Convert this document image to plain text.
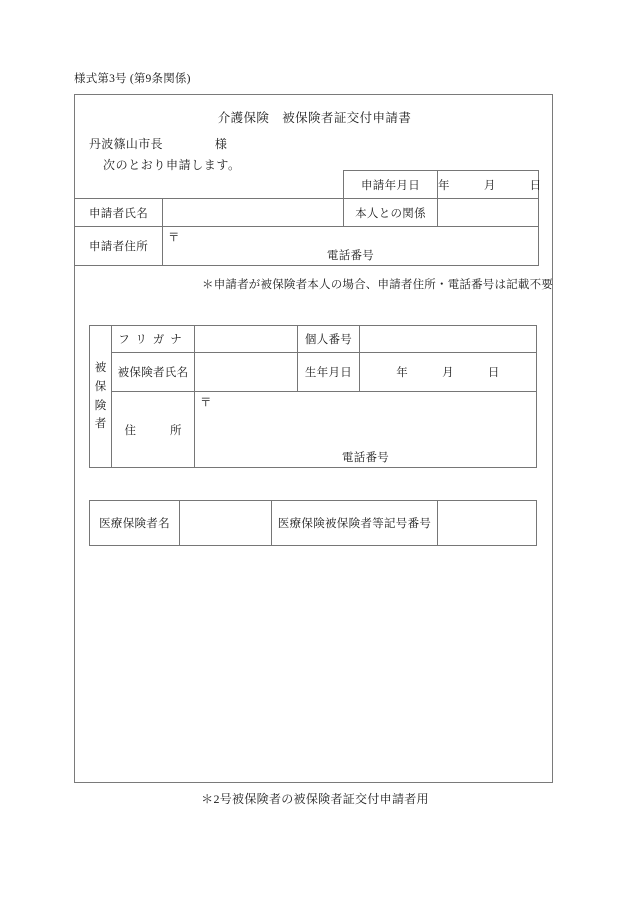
様式第3号 (第9条関係)
介護保険　被保険者証交付申請書
丹波篠山市長	様
次のとおり申請します。
		申請年月日	年 月 日
申請者氏名		本人との関係	
申請者住所	〒
電話番号		
＊申請者が被保険者本人の場合、申請者住所・電話番号は記載不要
被
保
険
者	フリガナ		個人番号		
	被保険者氏名		生年月日	年 月 日	
	住 所	〒
電話番号			

医療保険者名		医療保険被保険者等記号番号	
＊2号被保険者の被保険者証交付申請者用
